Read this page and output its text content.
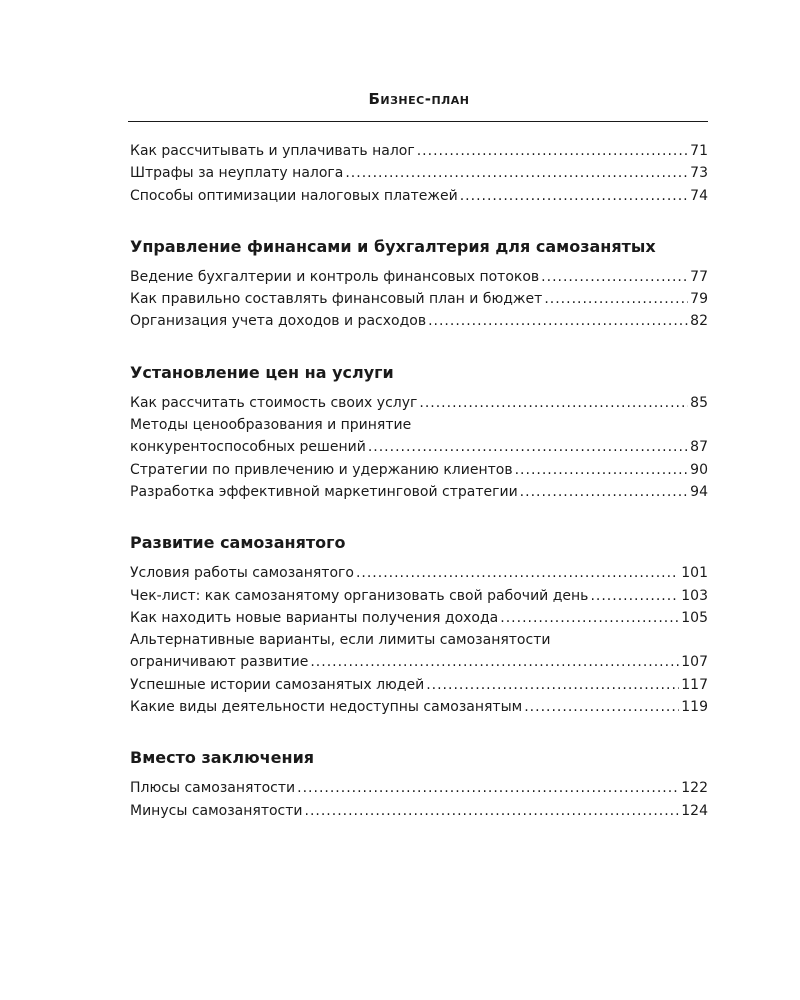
Бизнес-план
Как рассчитывать и уплачивать налог .....	71
Штрафы за неуплату налога .....	73
Способы оптимизации налоговых платежей .....	74
Управление финансами и бухгалтерия для самозанятых
Ведение бухгалтерии и контроль финансовых потоков .....	77
Как правильно составлять финансовый план и бюджет .....	79
Организация учета доходов и расходов .....	82
Установление цен на услуги
Как рассчитать стоимость своих услуг .....	85
Методы ценообразования и принятие
конкурентоспособных решений .....	87
Стратегии по привлечению и удержанию клиентов .....	90
Разработка эффективной маркетинговой стратегии .....	94
Развитие самозанятого
Условия работы самозанятого .....	101
Чек-лист: как самозанятому организовать свой рабочий день .....	103
Как находить новые варианты получения дохода .....	105
Альтернативные варианты, если лимиты самозанятости
ограничивают развитие .....	107
Успешные истории самозанятых людей .....	117
Какие виды деятельности недоступны самозанятым .....	119
Вместо заключения
Плюсы самозанятости .....	122
Минусы самозанятости .....	124
